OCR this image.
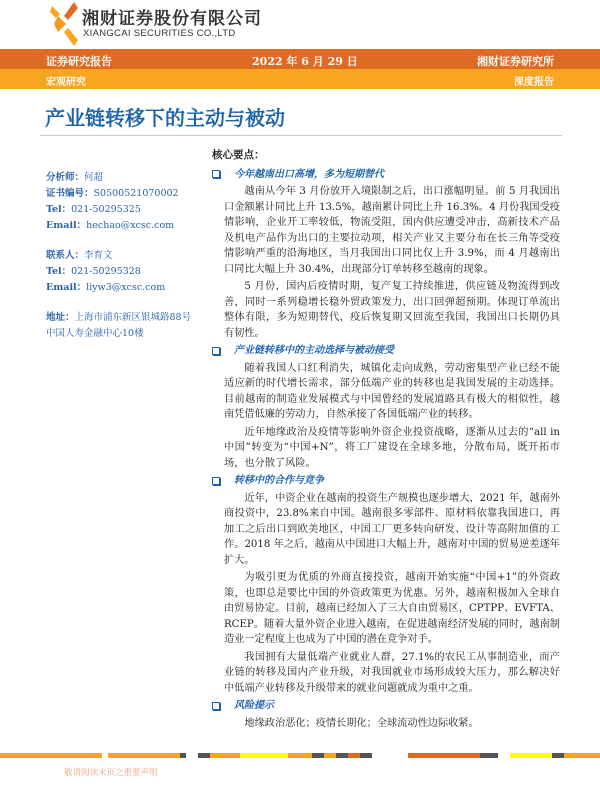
湘财证券股份有限公司
XIANGCAI SECURITIES CO.,LTD
证券研究报告	2022 年 6 月 29 日	湘财证券研究所
宏观研究	深度报告
产业链转移下的主动与被动
分析师：何超
证书编号：S0500521070002
Tel：021-50295325
Email：hechao@xcsc.com
联系人：李育文
Tel：021-50295328
Email：liyw3@xcsc.com
地址：上海市浦东新区银城路88号
中国人寿金融中心10楼
核心要点：
今年越南出口高增，多为短期替代
越南从今年 3 月份放开入境限制之后，出口涨幅明显。前 5 月我国出口金额累计同比上升 13.5%，越南累计同比上升 16.3%。4 月份我国受疫情影响，企业开工率较低，物流受阻，国内供应遭受冲击，高新技术产品及机电产品作为出口的主要拉动项，相关产业又主要分布在长三角等受疫情影响严重的沿海地区，当月我国出口同比仅上升 3.9%，而 4 月越南出口同比大幅上升 30.4%，出现部分订单转移至越南的现象。
5 月份，国内后疫情时期，复产复工持续推进，供应链及物流得到改善，同时一系列稳增长稳外贸政策发力，出口回弹超预期。体现订单流出整体有限，多为短期替代，疫后恢复期又回流至我国，我国出口长期仍具有韧性。
产业链转移中的主动选择与被动接受
随着我国人口红利消失，城镇化走向成熟，劳动密集型产业已经不能适应新的时代增长需求，部分低端产业的转移也是我国发展的主动选择。目前越南的制造业发展模式与中国曾经的发展道路具有极大的相似性，越南凭借低廉的劳动力，自然承接了各国低端产业的转移。
近年地缘政治及疫情等影响外资企业投资战略，逐渐从过去的“all in 中国”转变为“中国+N”，将工厂建设在全球多地，分散布局，既开拓市场，也分散了风险。
转移中的合作与竞争
近年，中资企业在越南的投资生产规模也逐步增大，2021 年，越南外商投资中，23.8%来自中国。越南很多零部件、原材料依靠我国进口，再加工之后出口到欧美地区，中国工厂更多转向研发、设计等高附加值的工作。2018 年之后，越南从中国进口大幅上升，越南对中国的贸易逆差逐年扩大。
为吸引更为优质的外商直接投资，越南开始实施“中国+1”的外资政策，也即总是要比中国的外资政策更为优惠。另外，越南积极加入全球自由贸易协定。目前，越南已经加入了三大自由贸易区，CPTPP、EVFTA、RCEP。随着大量外资企业进入越南，在促进越南经济发展的同时，越南制造业一定程度上也成为了中国的潜在竞争对手。
我国拥有大量低端产业就业人群，27.1%的农民工从事制造业，而产业链的转移及国内产业升级，对我国就业市场形成较大压力，那么解决好中低端产业转移及升级带来的就业问题就成为重中之重。
风险提示
地缘政治恶化；疫情长期化；全球流动性边际收紧。
敬请阅读末页之重要声明
